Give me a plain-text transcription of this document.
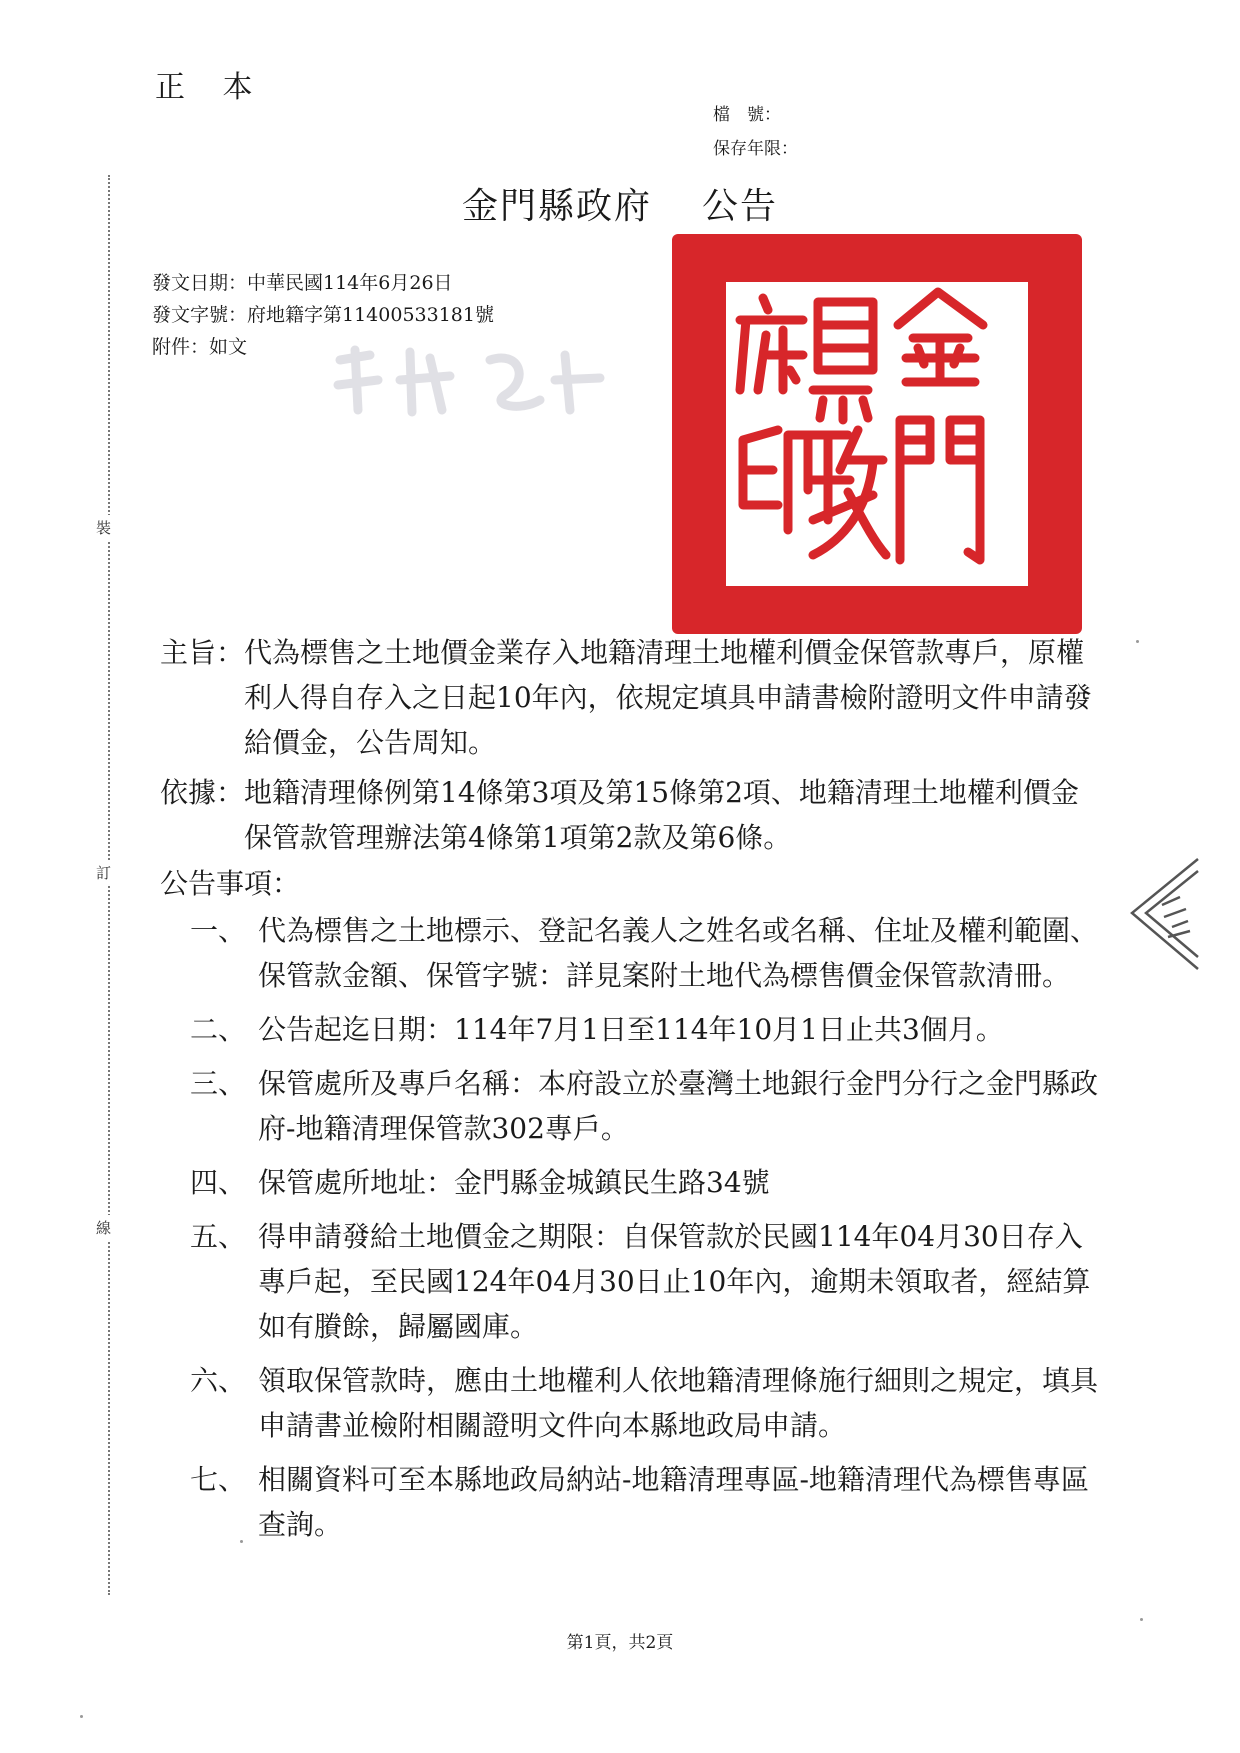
正 本
檔　號：
保存年限：
裝
訂
線
金門縣政府 公告
發文日期：中華民國114年6月26日
發文字號：府地籍字第11400533181號
附件：如文
主旨： 代為標售之土地價金業存入地籍清理土地權利價金保管款專戶，原權利人得自存入之日起10年內，依規定填具申請書檢附證明文件申請發給價金，公告周知。
依據： 地籍清理條例第14條第3項及第15條第2項、地籍清理土地權利價金保管款管理辦法第4條第1項第2款及第6條。
公告事項：
一、 代為標售之土地標示、登記名義人之姓名或名稱、住址及權利範圍、保管款金額、保管字號：詳見案附土地代為標售價金保管款清冊。
二、 公告起迄日期：114年7月1日至114年10月1日止共3個月。
三、 保管處所及專戶名稱：本府設立於臺灣土地銀行金門分行之金門縣政府-地籍清理保管款302專戶。
四、 保管處所地址：金門縣金城鎮民生路34號
五、 得申請發給土地價金之期限：自保管款於民國114年04月30日存入專戶起，至民國124年04月30日止10年內，逾期未領取者，經結算如有賸餘，歸屬國庫。
六、 領取保管款時，應由土地權利人依地籍清理條施行細則之規定，填具申請書並檢附相關證明文件向本縣地政局申請。
七、 相關資料可至本縣地政局納站-地籍清理專區-地籍清理代為標售專區查詢。
第1頁，共2頁
